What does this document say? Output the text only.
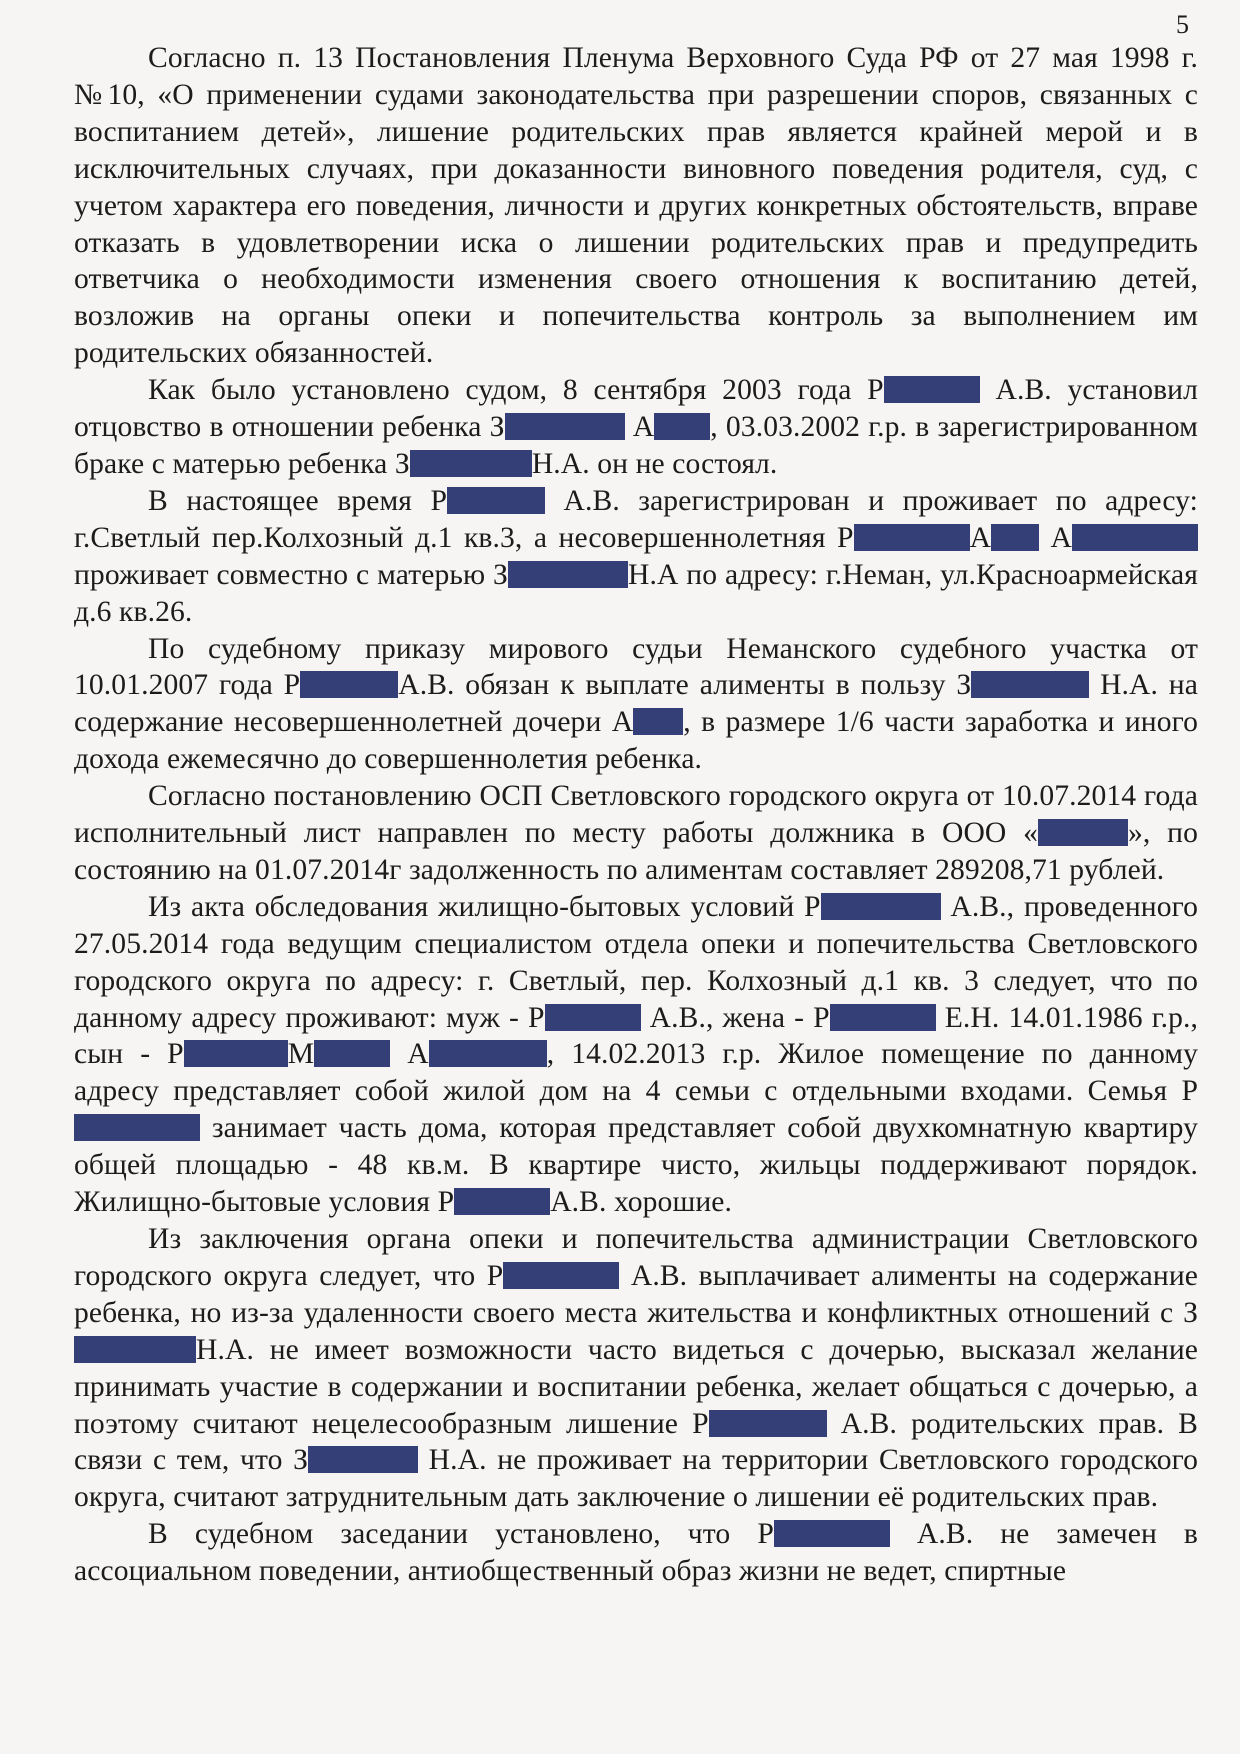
5

Согласно п. 13 Постановления Пленума Верховного Суда РФ от 27 мая 1998 г. №10, «О применении судами законодательства при разрешении споров, связанных с воспитанием детей», лишение родительских прав является крайней мерой и в исключительных случаях, при доказанности виновного поведения родителя, суд, с учетом характера его поведения, личности и других конкретных обстоятельств, вправе отказать в удовлетворении иска о лишении родительских прав и предупредить ответчика о необходимости изменения своего отношения к воспитанию детей, возложив на органы опеки и попечительства контроль за выполнением им родительских обязанностей.

Как было установлено судом, 8 сентября 2003 года Р	А.В. установил отцовство в отношении ребенка З	А , 03.03.2002 г.р. в зарегистрированном браке с матерью ребенка З	Н.А. он не состоял.

В настоящее время Р	А.В. зарегистрирован и проживает по адресу: г.Светлый пер.Колхозный д.1 кв.3, а несовершеннолетняя Р	А Апроживает совместно с матерью З	Н.А по адресу: г.Неман, ул.Красноармейская д.6 кв.26.

По судебному приказу мирового судьи Неманского судебного участка от 10.01.2007 года Р	А.В. обязан к выплате алименты в пользу З	Н.А. на содержание несовершеннолетней дочери А , в размере 1/6 части заработка и иного дохода ежемесячно до совершеннолетия ребенка.

Согласно постановлению ОСП Светловского городского округа от 10.07.2014 года исполнительный лист направлен по месту работы должника в ООО «	», по состоянию на 01.07.2014г задолженность по алиментам составляет 289208,71 рублей.

Из акта обследования жилищно-бытовых условий Р	А.В., проведенного 27.05.2014 года ведущим специалистом отдела опеки и попечительства Светловского городского округа по адресу: г. Светлый, пер. Колхозный д.1 кв. 3 следует, что по данному адресу проживают: муж - Р	А.В., жена - Р	Е.Н. 14.01.1986 г.р., сын - Р	М	А	, 14.02.2013 г.р. Жилое помещение по данному адресу представляет собой жилой дом на 4 семьи с отдельными входами. Семья Р занимает часть дома, которая представляет собой двухкомнатную квартиру общей площадью - 48 кв.м. В квартире чисто, жильцы поддерживают порядок. Жилищно-бытовые условия Р	А.В. хорошие.

Из заключения органа опеки и попечительства администрации Светловского городского округа следует, что Р	А.В. выплачивает алименты на содержание ребенка, но из-за удаленности своего места жительства и конфликтных отношений с ЗН.А. не имеет возможности часто видеться с дочерью, высказал желание принимать участие в содержании и воспитании ребенка, желает общаться с дочерью, а поэтому считают нецелесообразным лишение Р	А.В. родительских прав. В связи с тем, что З	Н.А. не проживает на территории Светловского городского округа, считают затруднительным дать заключение о лишении её родительских прав.

В судебном заседании установлено, что Р	А.В. не замечен в ассоциальном поведении, антиобщественный образ жизни не ведет, спиртные
